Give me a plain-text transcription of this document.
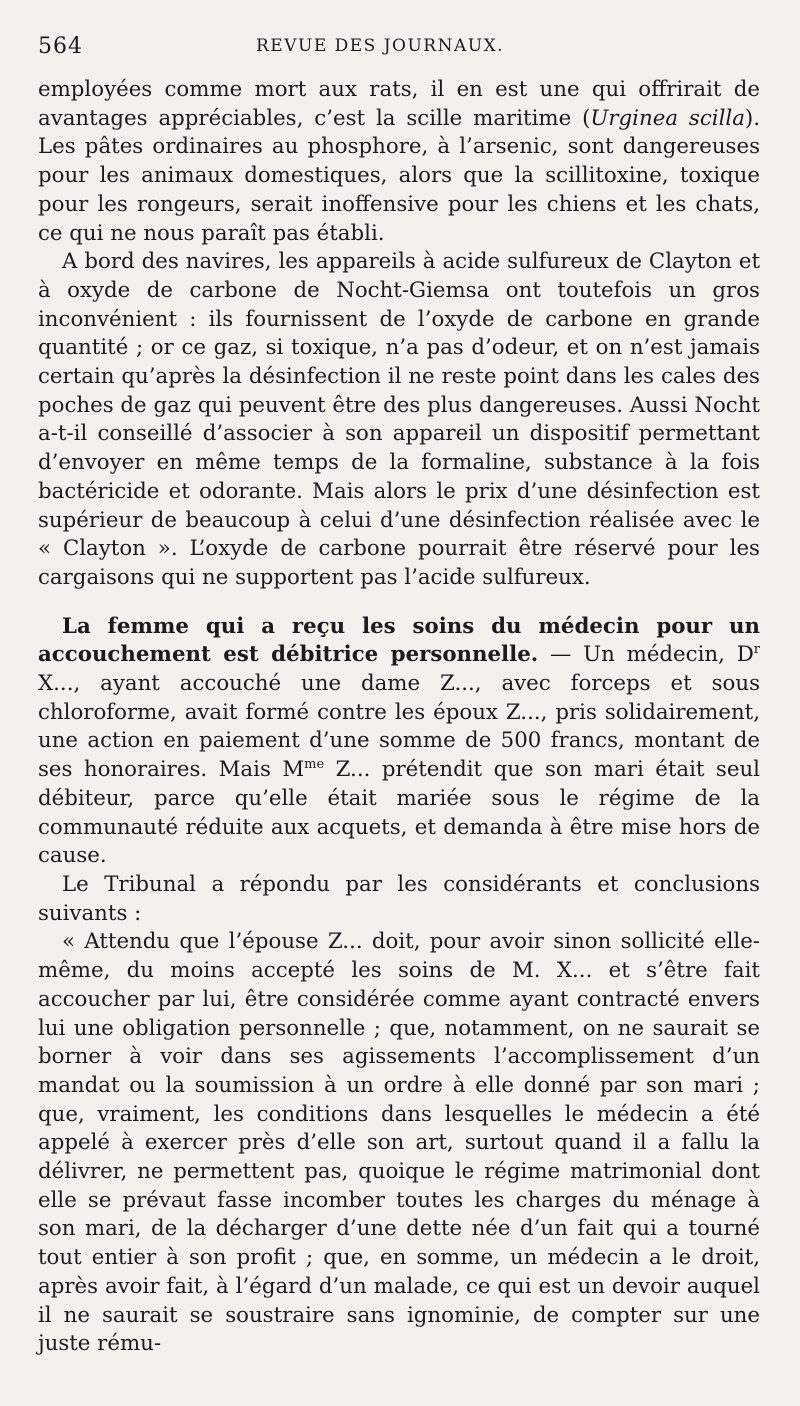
564	REVUE DES JOURNAUX.

employées comme mort aux rats, il en est une qui offrirait de avantages appréciables, c’est la scille maritime (Urginea scilla). Les pâtes ordinaires au phosphore, à l’arsenic, sont dangereuses pour les animaux domestiques, alors que la scillitoxine, toxique pour les rongeurs, serait inoffensive pour les chiens et les chats, ce qui ne nous paraît pas établi.

A bord des navires, les appareils à acide sulfureux de Clayton et à oxyde de carbone de Nocht-Giemsa ont toutefois un gros inconvénient : ils fournissent de l’oxyde de carbone en grande quantité ; or ce gaz, si toxique, n’a pas d’odeur, et on n’est jamais certain qu’après la désinfection il ne reste point dans les cales des poches de gaz qui peuvent être des plus dangereuses. Aussi Nocht a-t-il conseillé d’associer à son appareil un dispositif permettant d’envoyer en même temps de la formaline, substance à la fois bactéricide et odorante. Mais alors le prix d’une désinfection est supérieur de beaucoup à celui d’une désinfection réalisée avec le « Clayton ». L’oxyde de carbone pourrait être réservé pour les cargaisons qui ne supportent pas l’acide sulfureux.

La femme qui a reçu les soins du médecin pour un accouchement est débitrice personnelle. — Un médecin, $D^r$ X..., ayant accouché une dame Z..., avec forceps et sous chloroforme, avait formé contre les époux Z..., pris solidairement, une action en paiement d’une somme de 500 francs, montant de ses honoraires. Mais $M^{me}$ Z... prétendit que son mari était seul débiteur, parce qu’elle était mariée sous le régime de la communauté réduite aux acquets, et demanda à être mise hors de cause.

Le Tribunal a répondu par les considérants et conclusions suivants :

« Attendu que l’épouse Z... doit, pour avoir sinon sollicité elle-même, du moins accepté les soins de M. X... et s’être fait accoucher par lui, être considérée comme ayant contracté envers lui une obligation personnelle ; que, notamment, on ne saurait se borner à voir dans ses agissements l’accomplissement d’un mandat ou la soumission à un ordre à elle donné par son mari ; que, vraiment, les conditions dans lesquelles le médecin a été appelé à exercer près d’elle son art, surtout quand il a fallu la délivrer, ne permettent pas, quoique le régime matrimonial dont elle se prévaut fasse incomber toutes les charges du ménage à son mari, de la décharger d’une dette née d’un fait qui a tourné tout entier à son profit ; que, en somme, un médecin a le droit, après avoir fait, à l’égard d’un malade, ce qui est un devoir auquel il ne saurait se soustraire sans ignominie, de compter sur une juste rému-
